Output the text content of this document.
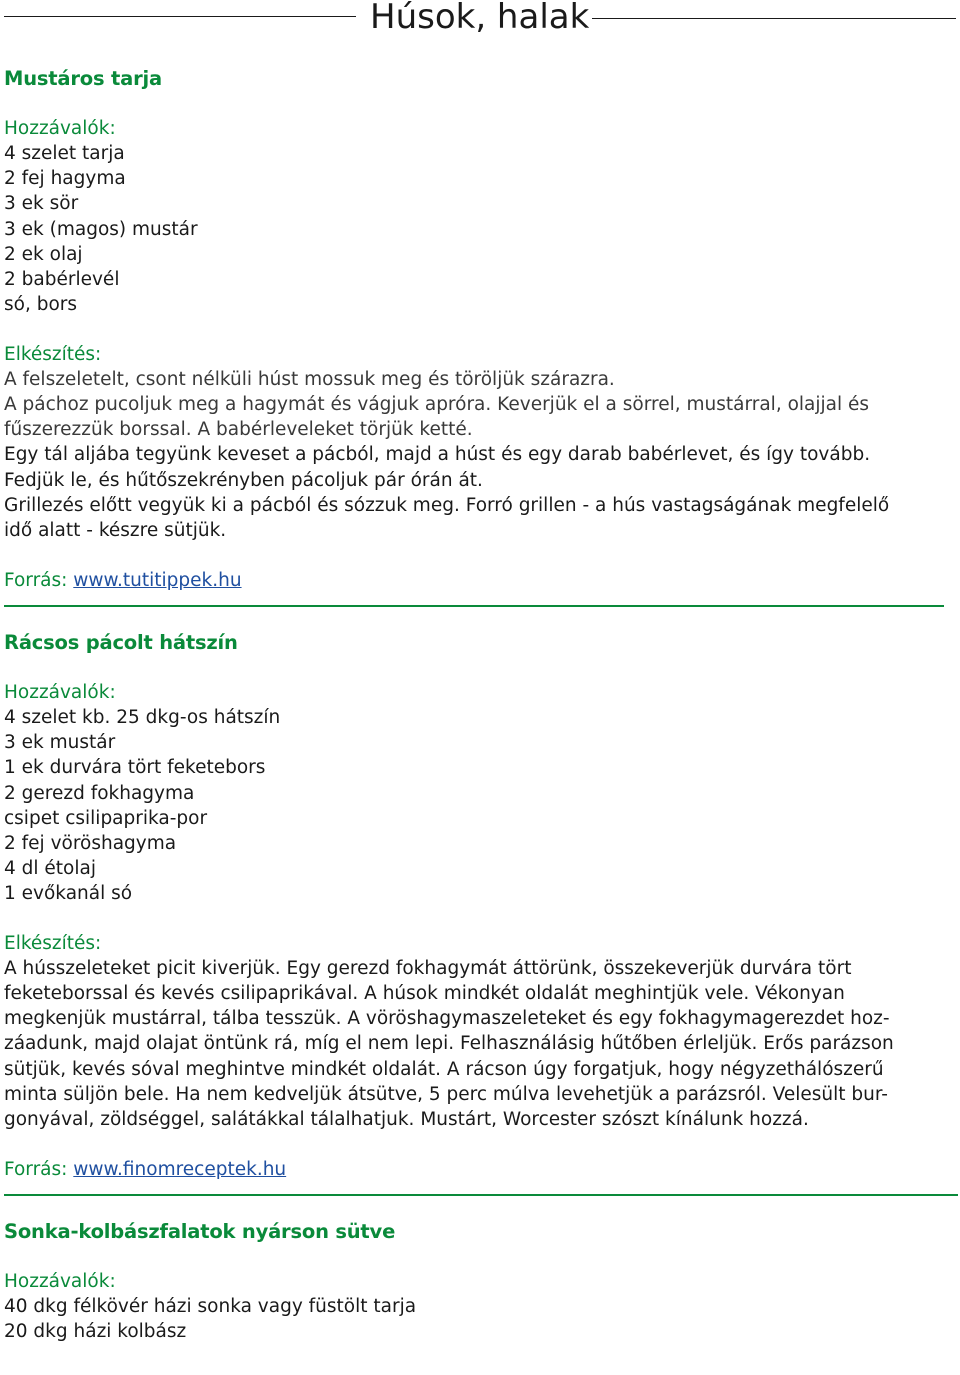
Húsok, halak
Mustáros tarja
Hozzávalók:
4 szelet tarja
2 fej hagyma
3 ek sör
3 ek (magos) mustár
2 ek olaj
2 babérlevél
só, bors
Elkészítés:
A felszeletelt, csont nélküli húst mossuk meg és töröljük szárazra.
A páchoz pucoljuk meg a hagymát és vágjuk apróra. Keverjük el a sörrel, mustárral, olajjal és
fűszerezzük borssal. A babérleveleket törjük ketté.
Egy tál aljába tegyünk keveset a pácból, majd a húst és egy darab babérlevet, és így tovább.
Fedjük le, és hűtőszekrényben pácoljuk pár órán át.
Grillezés előtt vegyük ki a pácból és sózzuk meg. Forró grillen - a hús vastagságának megfelelő
idő alatt - készre sütjük.
Forrás: www.tutitippek.hu
Rácsos pácolt hátszín
Hozzávalók:
4 szelet kb. 25 dkg-os hátszín
3 ek mustár
1 ek durvára tört feketebors
2 gerezd fokhagyma
csipet csilipaprika-por
2 fej vöröshagyma
4 dl étolaj
1 evőkanál só
Elkészítés:
A hússzeleteket picit kiverjük. Egy gerezd fokhagymát áttörünk, összekeverjük durvára tört
feketeborssal és kevés csilipaprikával. A húsok mindkét oldalát meghintjük vele. Vékonyan
megkenjük mustárral, tálba tesszük. A vöröshagymaszeleteket és egy fokhagymagerezdet hoz-
záadunk, majd olajat öntünk rá, míg el nem lepi. Felhasználásig hűtőben érleljük. Erős parázson
sütjük, kevés sóval meghintve mindkét oldalát. A rácson úgy forgatjuk, hogy négyzethálószerű
minta süljön bele. Ha nem kedveljük átsütve, 5 perc múlva levehetjük a parázsról. Velesült bur-
gonyával, zöldséggel, salátákkal tálalhatjuk. Mustárt, Worcester szószt kínálunk hozzá.
Forrás: www.finomreceptek.hu
Sonka-kolbászfalatok nyárson sütve
Hozzávalók:
40 dkg félkövér házi sonka vagy füstölt tarja
20 dkg házi kolbász
